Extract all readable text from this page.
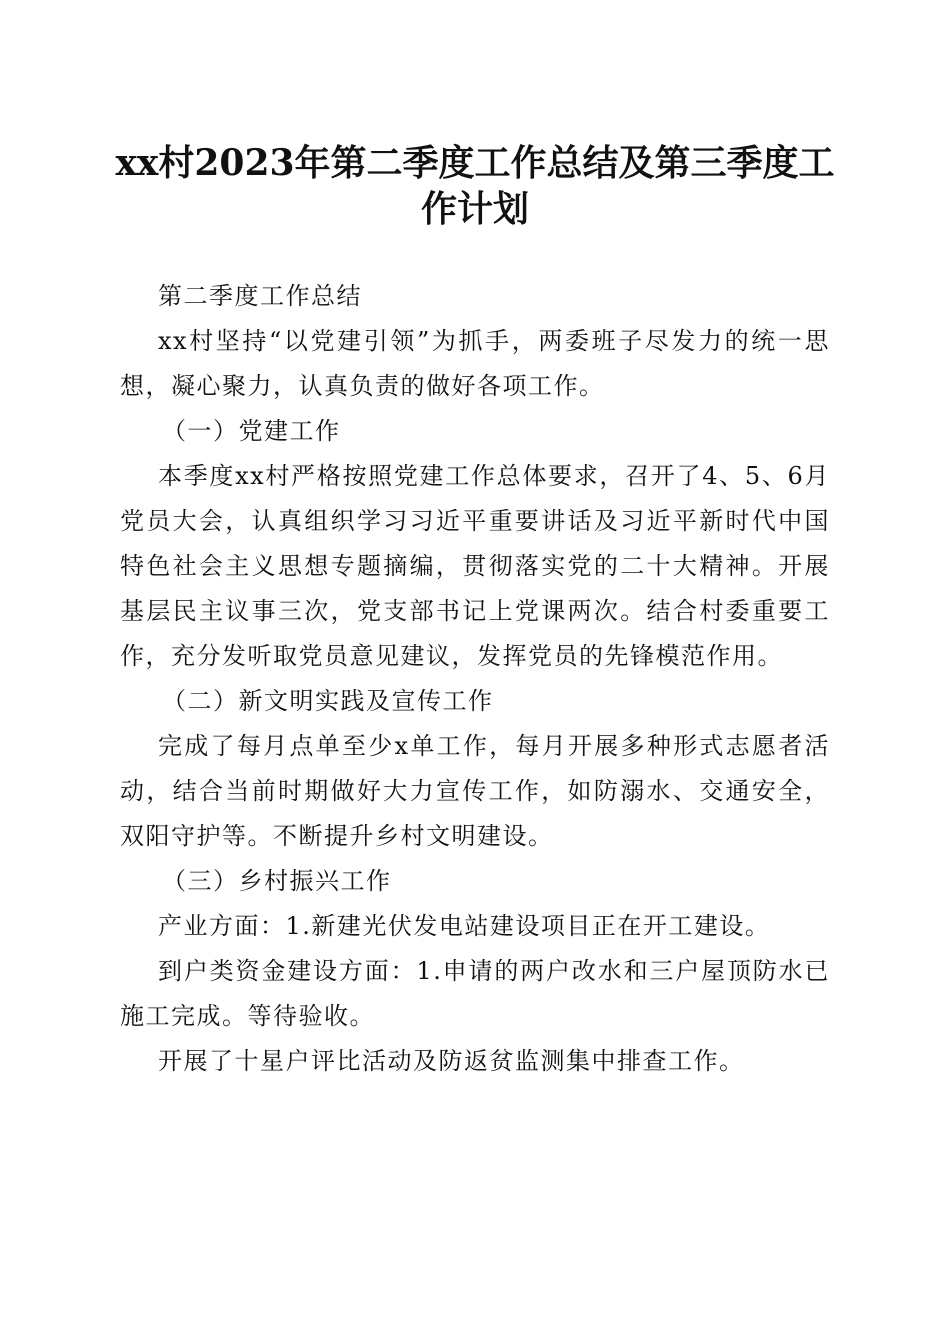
xx村2023年第二季度工作总结及第三季度工作计划

第二季度工作总结

xx村坚持“以党建引领”为抓手，两委班子尽发力的统一思想，凝心聚力，认真负责的做好各项工作。

（一）党建工作

本季度xx村严格按照党建工作总体要求，召开了4、5、6月党员大会，认真组织学习习近平重要讲话及习近平新时代中国特色社会主义思想专题摘编，贯彻落实党的二十大精神。开展基层民主议事三次，党支部书记上党课两次。结合村委重要工作，充分发听取党员意见建议，发挥党员的先锋模范作用。

（二）新文明实践及宣传工作

完成了每月点单至少x单工作，每月开展多种形式志愿者活动，结合当前时期做好大力宣传工作，如防溺水、交通安全，双阳守护等。不断提升乡村文明建设。

（三）乡村振兴工作

产业方面：1.新建光伏发电站建设项目正在开工建设。

到户类资金建设方面：1.申请的两户改水和三户屋顶防水已施工完成。等待验收。

开展了十星户评比活动及防返贫监测集中排查工作。
